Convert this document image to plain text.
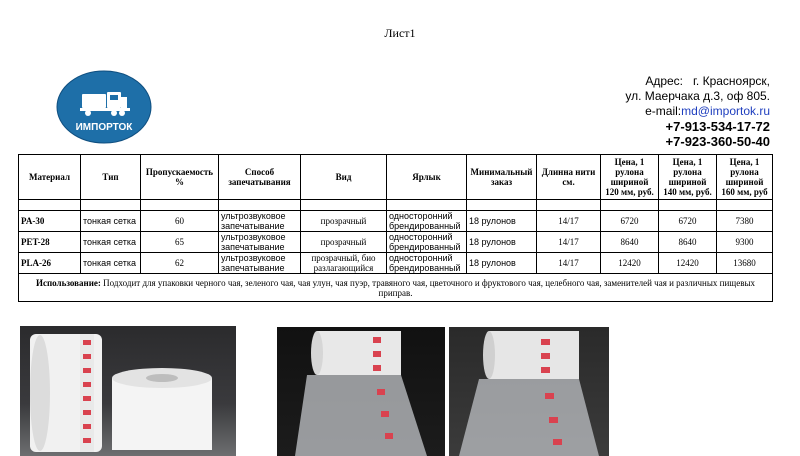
Лист1
ИМПОРТОК
Адрес: г. Красноярск,
ул. Маерчака д.3, оф 805.
e-mail:md@importok.ru
+7-913-534-17-72
+7-923-360-50-40
Материал	Тип	Пропускаемость %	Способ запечатывания	Вид	Ярлык	Минимальный заказ	Длинна нити см.	Цена, 1 рулона шириной 120 мм, руб.	Цена, 1 рулона шириной 140 мм, руб.	Цена, 1 рулона шириной 160 мм, руб

PA-30	тонкая сетка	60	ультрозвуковое запечатывание	прозрачный	односторонний брендированный	18 рулонов	14/17	6720	6720	7380
PET-28	тонкая сетка	65	ультрозвуковое запечатывание	прозрачный	односторонний брендированный	18 рулонов	14/17	8640	8640	9300
PLA-26	тонкая сетка	62	ультрозвуковое запечатывание	прозрачный, био разлагающийся	односторонний брендированный	18 рулонов	14/17	12420	12420	13680
Использование: Подходит для упаковки черного чая, зеленого чая, чая улун, чая пуэр, травяного чая, цветочного и фруктового чая, целебного чая, заменителей чая и различных пищевых приправ.										
